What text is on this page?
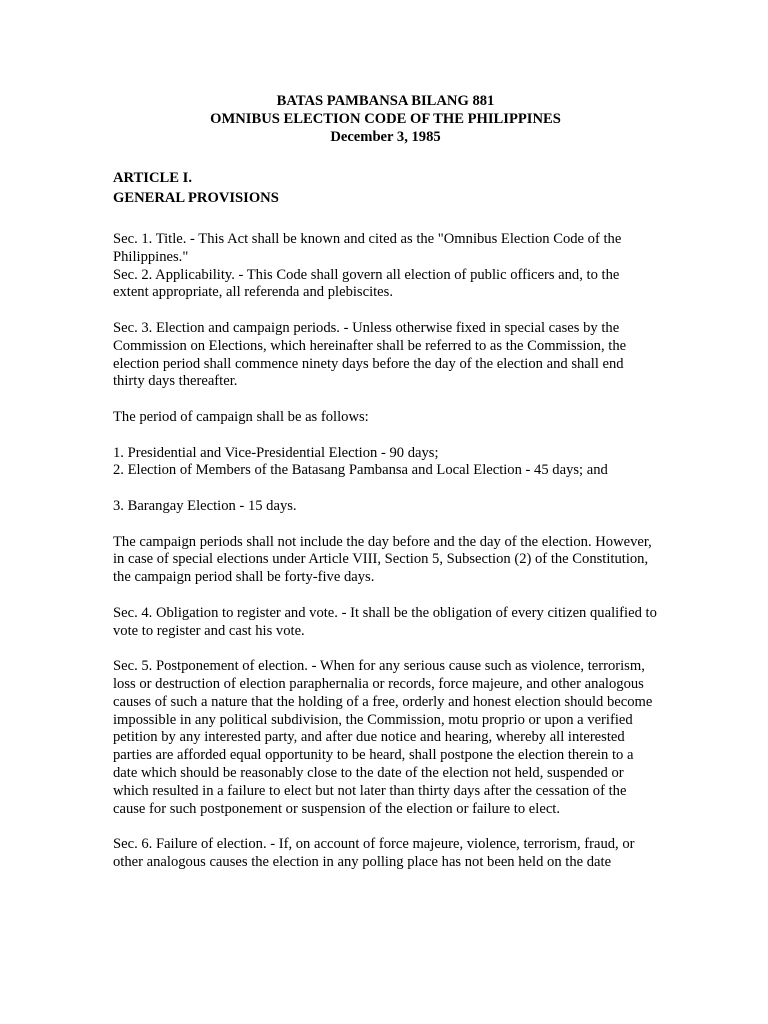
BATAS PAMBANSA BILANG 881
OMNIBUS ELECTION CODE OF THE PHILIPPINES
December 3, 1985
ARTICLE I.
GENERAL PROVISIONS

Sec. 1. Title. - This Act shall be known and cited as the "Omnibus Election Code of the Philippines."

Sec. 2. Applicability. - This Code shall govern all election of public officers and, to the extent appropriate, all referenda and plebiscites.

Sec. 3. Election and campaign periods. - Unless otherwise fixed in special cases by the Commission on Elections, which hereinafter shall be referred to as the Commission, the election period shall commence ninety days before the day of the election and shall end thirty days thereafter.

The period of campaign shall be as follows:

1. Presidential and Vice-Presidential Election - 90 days;

2. Election of Members of the Batasang Pambansa and Local Election - 45 days; and

3. Barangay Election - 15 days.

The campaign periods shall not include the day before and the day of the election. However, in case of special elections under Article VIII, Section 5, Subsection (2) of the Constitution, the campaign period shall be forty-five days.

Sec. 4. Obligation to register and vote. - It shall be the obligation of every citizen qualified to vote to register and cast his vote.

Sec. 5. Postponement of election. - When for any serious cause such as violence, terrorism, loss or destruction of election paraphernalia or records, force majeure, and other analogous causes of such a nature that the holding of a free, orderly and honest election should become impossible in any political subdivision, the Commission, motu proprio or upon a verified petition by any interested party, and after due notice and hearing, whereby all interested parties are afforded equal opportunity to be heard, shall postpone the election therein to a date which should be reasonably close to the date of the election not held, suspended or which resulted in a failure to elect but not later than thirty days after the cessation of the cause for such postponement or suspension of the election or failure to elect.

Sec. 6. Failure of election. - If, on account of force majeure, violence, terrorism, fraud, or other analogous causes the election in any polling place has not been held on the date
